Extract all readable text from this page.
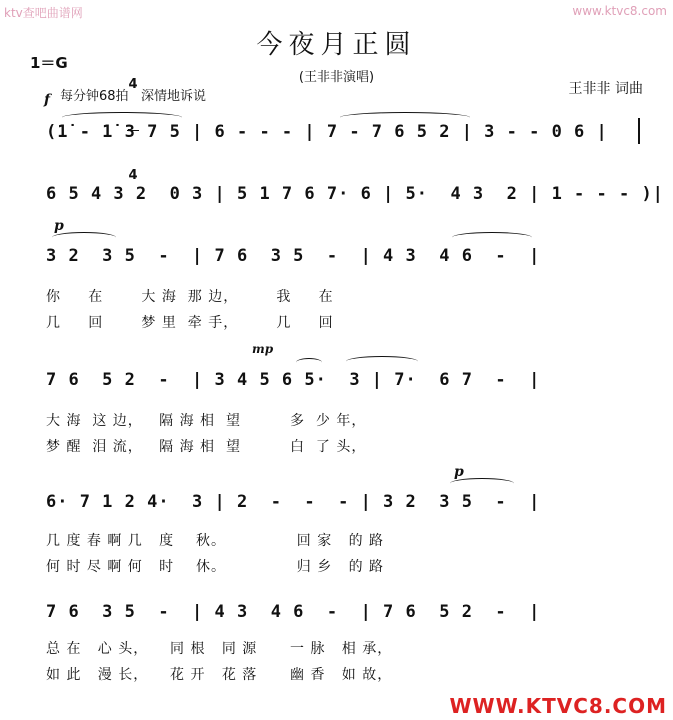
ktv查吧曲谱网	www.ktvc8.com
今夜月正圆
(王非非演唱)
1＝G

4

4

王非非 词曲
f 每分钟68拍   深情地诉说
(1̇ - 1̇ 3 7 5 | 6 - - - | 7 - 7 6 5 2 | 3 - - 0 6 |
6 5 4 3 2  0 3 | 5 1 7 6 7· 6 | 5·  4 3  2 | 1 - - - )|
p
3 2  3 5  -  | 7 6  3 5  -  | 4 3  4 6  -  |
你     在       大 海  那 边，       我     在
几     回       梦 里  牵 手，       几     回
mp
7 6  5 2  -  | 3 4 5 6 5·  3 | 7·  6 7  -  |
大 海  这 边，   隔 海 相  望         多  少 年，
梦 醒  泪 流，   隔 海 相  望         白  了 头，
p
6· 7 1 2 4·  3 | 2  -  -  - | 3 2  3 5  -  |
几 度 春 啊 几   度    秋。             回 家   的 路
何 时 尽 啊 何   时    休。             归 乡   的 路
7 6  3 5  -  | 4 3  4 6  -  | 7 6  5 2  -  |
总 在   心 头，    同 根   同 源      一 脉   相 承，
如 此   漫 长，    花 开   花 落      幽 香   如 故，
WWW.KTVC8.COM
